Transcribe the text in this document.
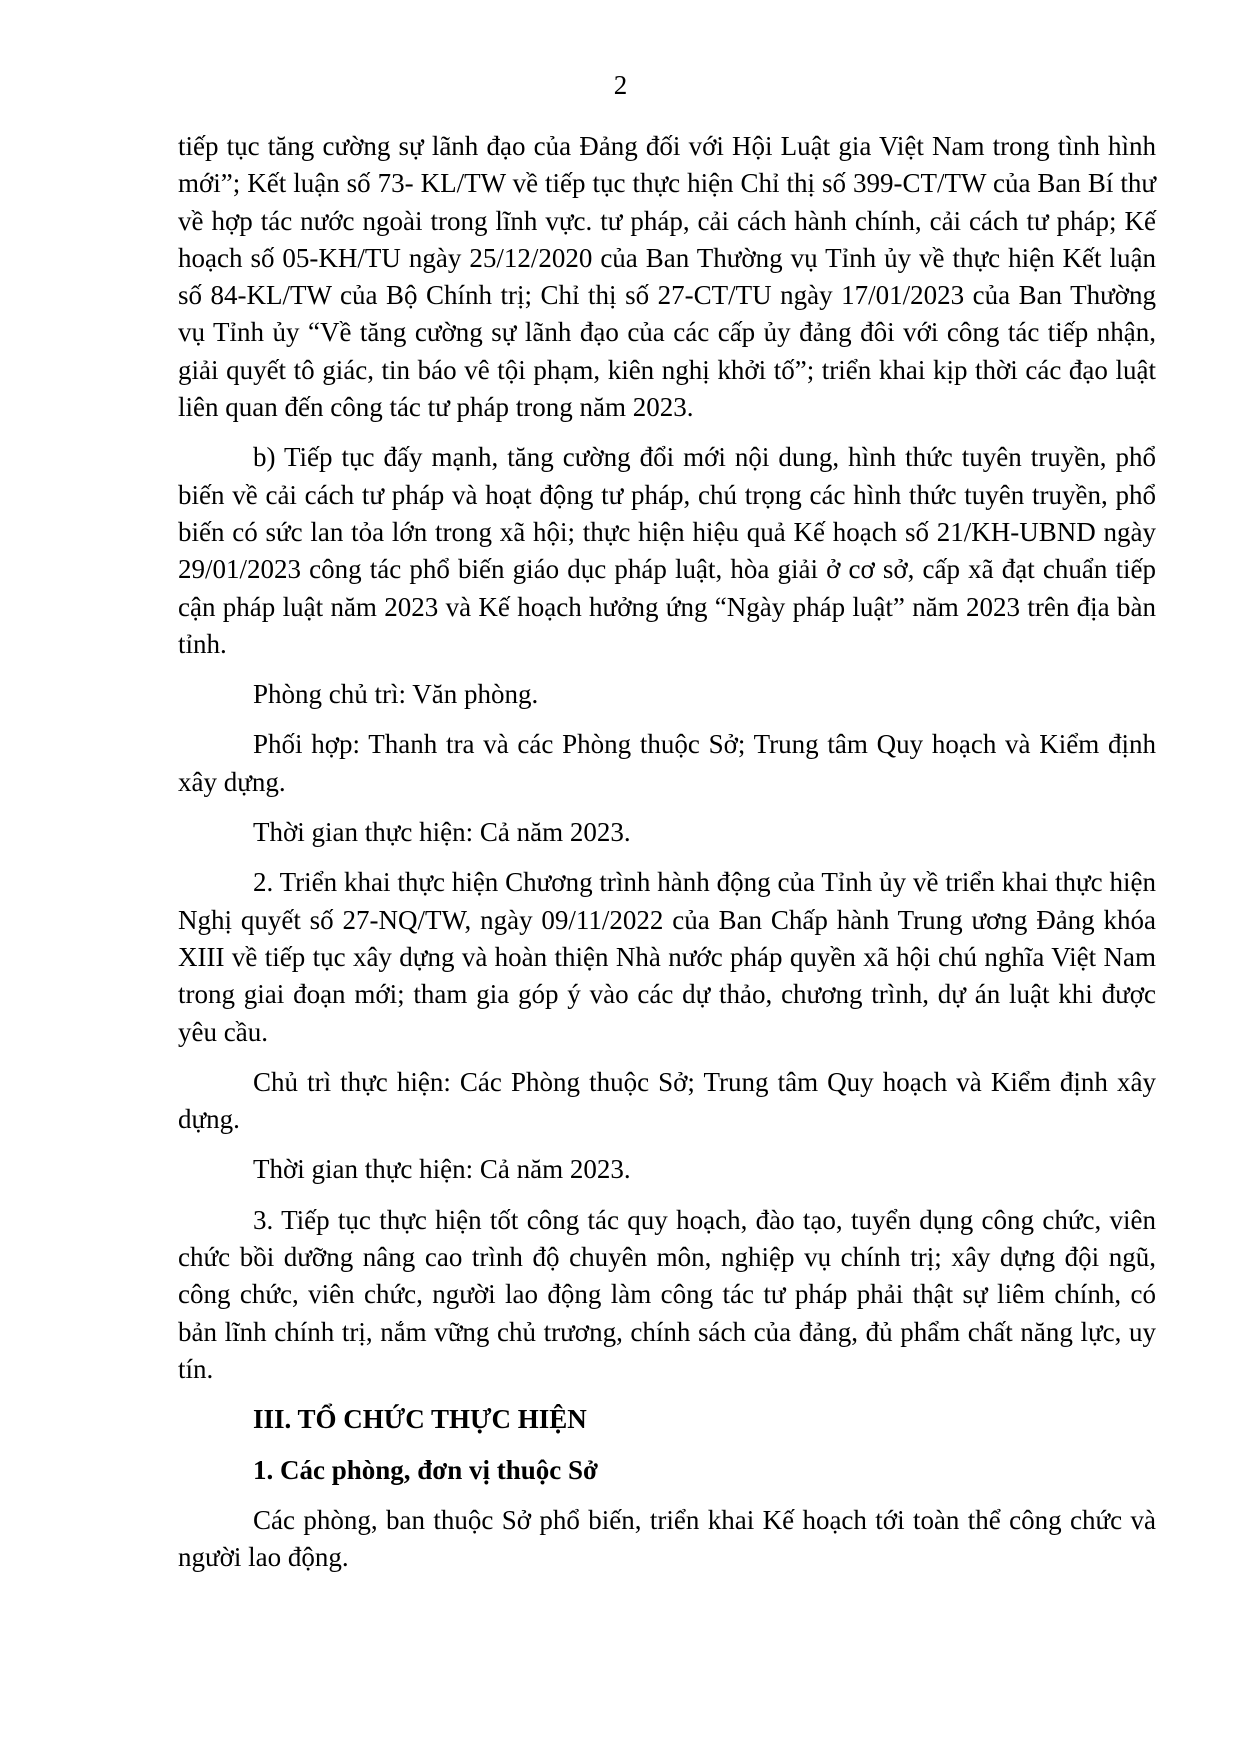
2

tiếp tục tăng cường sự lãnh đạo của Đảng đối với Hội Luật gia Việt Nam trong tình hình mới”; Kết luận số 73- KL/TW về tiếp tục thực hiện Chỉ thị số 399-CT/TW của Ban Bí thư về hợp tác nước ngoài trong lĩnh vực. tư pháp, cải cách hành chính, cải cách tư pháp; Kế hoạch số 05-KH/TU ngày 25/12/2020 của Ban Thường vụ Tỉnh ủy về thực hiện Kết luận số 84-KL/TW của Bộ Chính trị; Chỉ thị số 27-CT/TU ngày 17/01/2023 của Ban Thường vụ Tỉnh ủy “Về tăng cường sự lãnh đạo của các cấp ủy đảng đôi với công tác tiếp nhận, giải quyết tô giác, tin báo vê tội phạm, kiên nghị khởi tố”; triển khai kịp thời các đạo luật liên quan đến công tác tư pháp trong năm 2023.

b) Tiếp tục đấy mạnh, tăng cường đổi mới nội dung, hình thức tuyên truyền, phổ biến về cải cách tư pháp và hoạt động tư pháp, chú trọng các hình thức tuyên truyền, phổ biến có sức lan tỏa lớn trong xã hội; thực hiện hiệu quả Kế hoạch số 21/KH-UBND ngày 29/01/2023 công tác phổ biến giáo dục pháp luật, hòa giải ở cơ sở, cấp xã đạt chuẩn tiếp cận pháp luật năm 2023 và Kế hoạch hưởng ứng “Ngày pháp luật” năm 2023 trên địa bàn tỉnh.

Phòng chủ trì: Văn phòng.

Phối hợp: Thanh tra và các Phòng thuộc Sở; Trung tâm Quy hoạch và Kiểm định xây dựng.

Thời gian thực hiện: Cả năm 2023.

2. Triển khai thực hiện Chương trình hành động của Tỉnh ủy về triển khai thực hiện Nghị quyết số 27-NQ/TW, ngày 09/11/2022 của Ban Chấp hành Trung ương Đảng khóa XIII về tiếp tục xây dựng và hoàn thiện Nhà nước pháp quyền xã hội chú nghĩa Việt Nam trong giai đoạn mới; tham gia góp ý vào các dự thảo, chương trình, dự án luật khi được yêu cầu.

Chủ trì thực hiện: Các Phòng thuộc Sở; Trung tâm Quy hoạch và Kiểm định xây dựng.

Thời gian thực hiện: Cả năm 2023.

3. Tiếp tục thực hiện tốt công tác quy hoạch, đào tạo, tuyển dụng công chức, viên chức bồi dưỡng nâng cao trình độ chuyên môn, nghiệp vụ chính trị; xây dựng đội ngũ, công chức, viên chức, người lao động làm công tác tư pháp phải thật sự liêm chính, có bản lĩnh chính trị, nắm vững chủ trương, chính sách của đảng, đủ phẩm chất năng lực, uy tín.

III. TỔ CHỨC THỰC HIỆN

1. Các phòng, đơn vị thuộc Sở

Các phòng, ban thuộc Sở phổ biến, triển khai Kế hoạch tới toàn thể công chức và người lao động.
